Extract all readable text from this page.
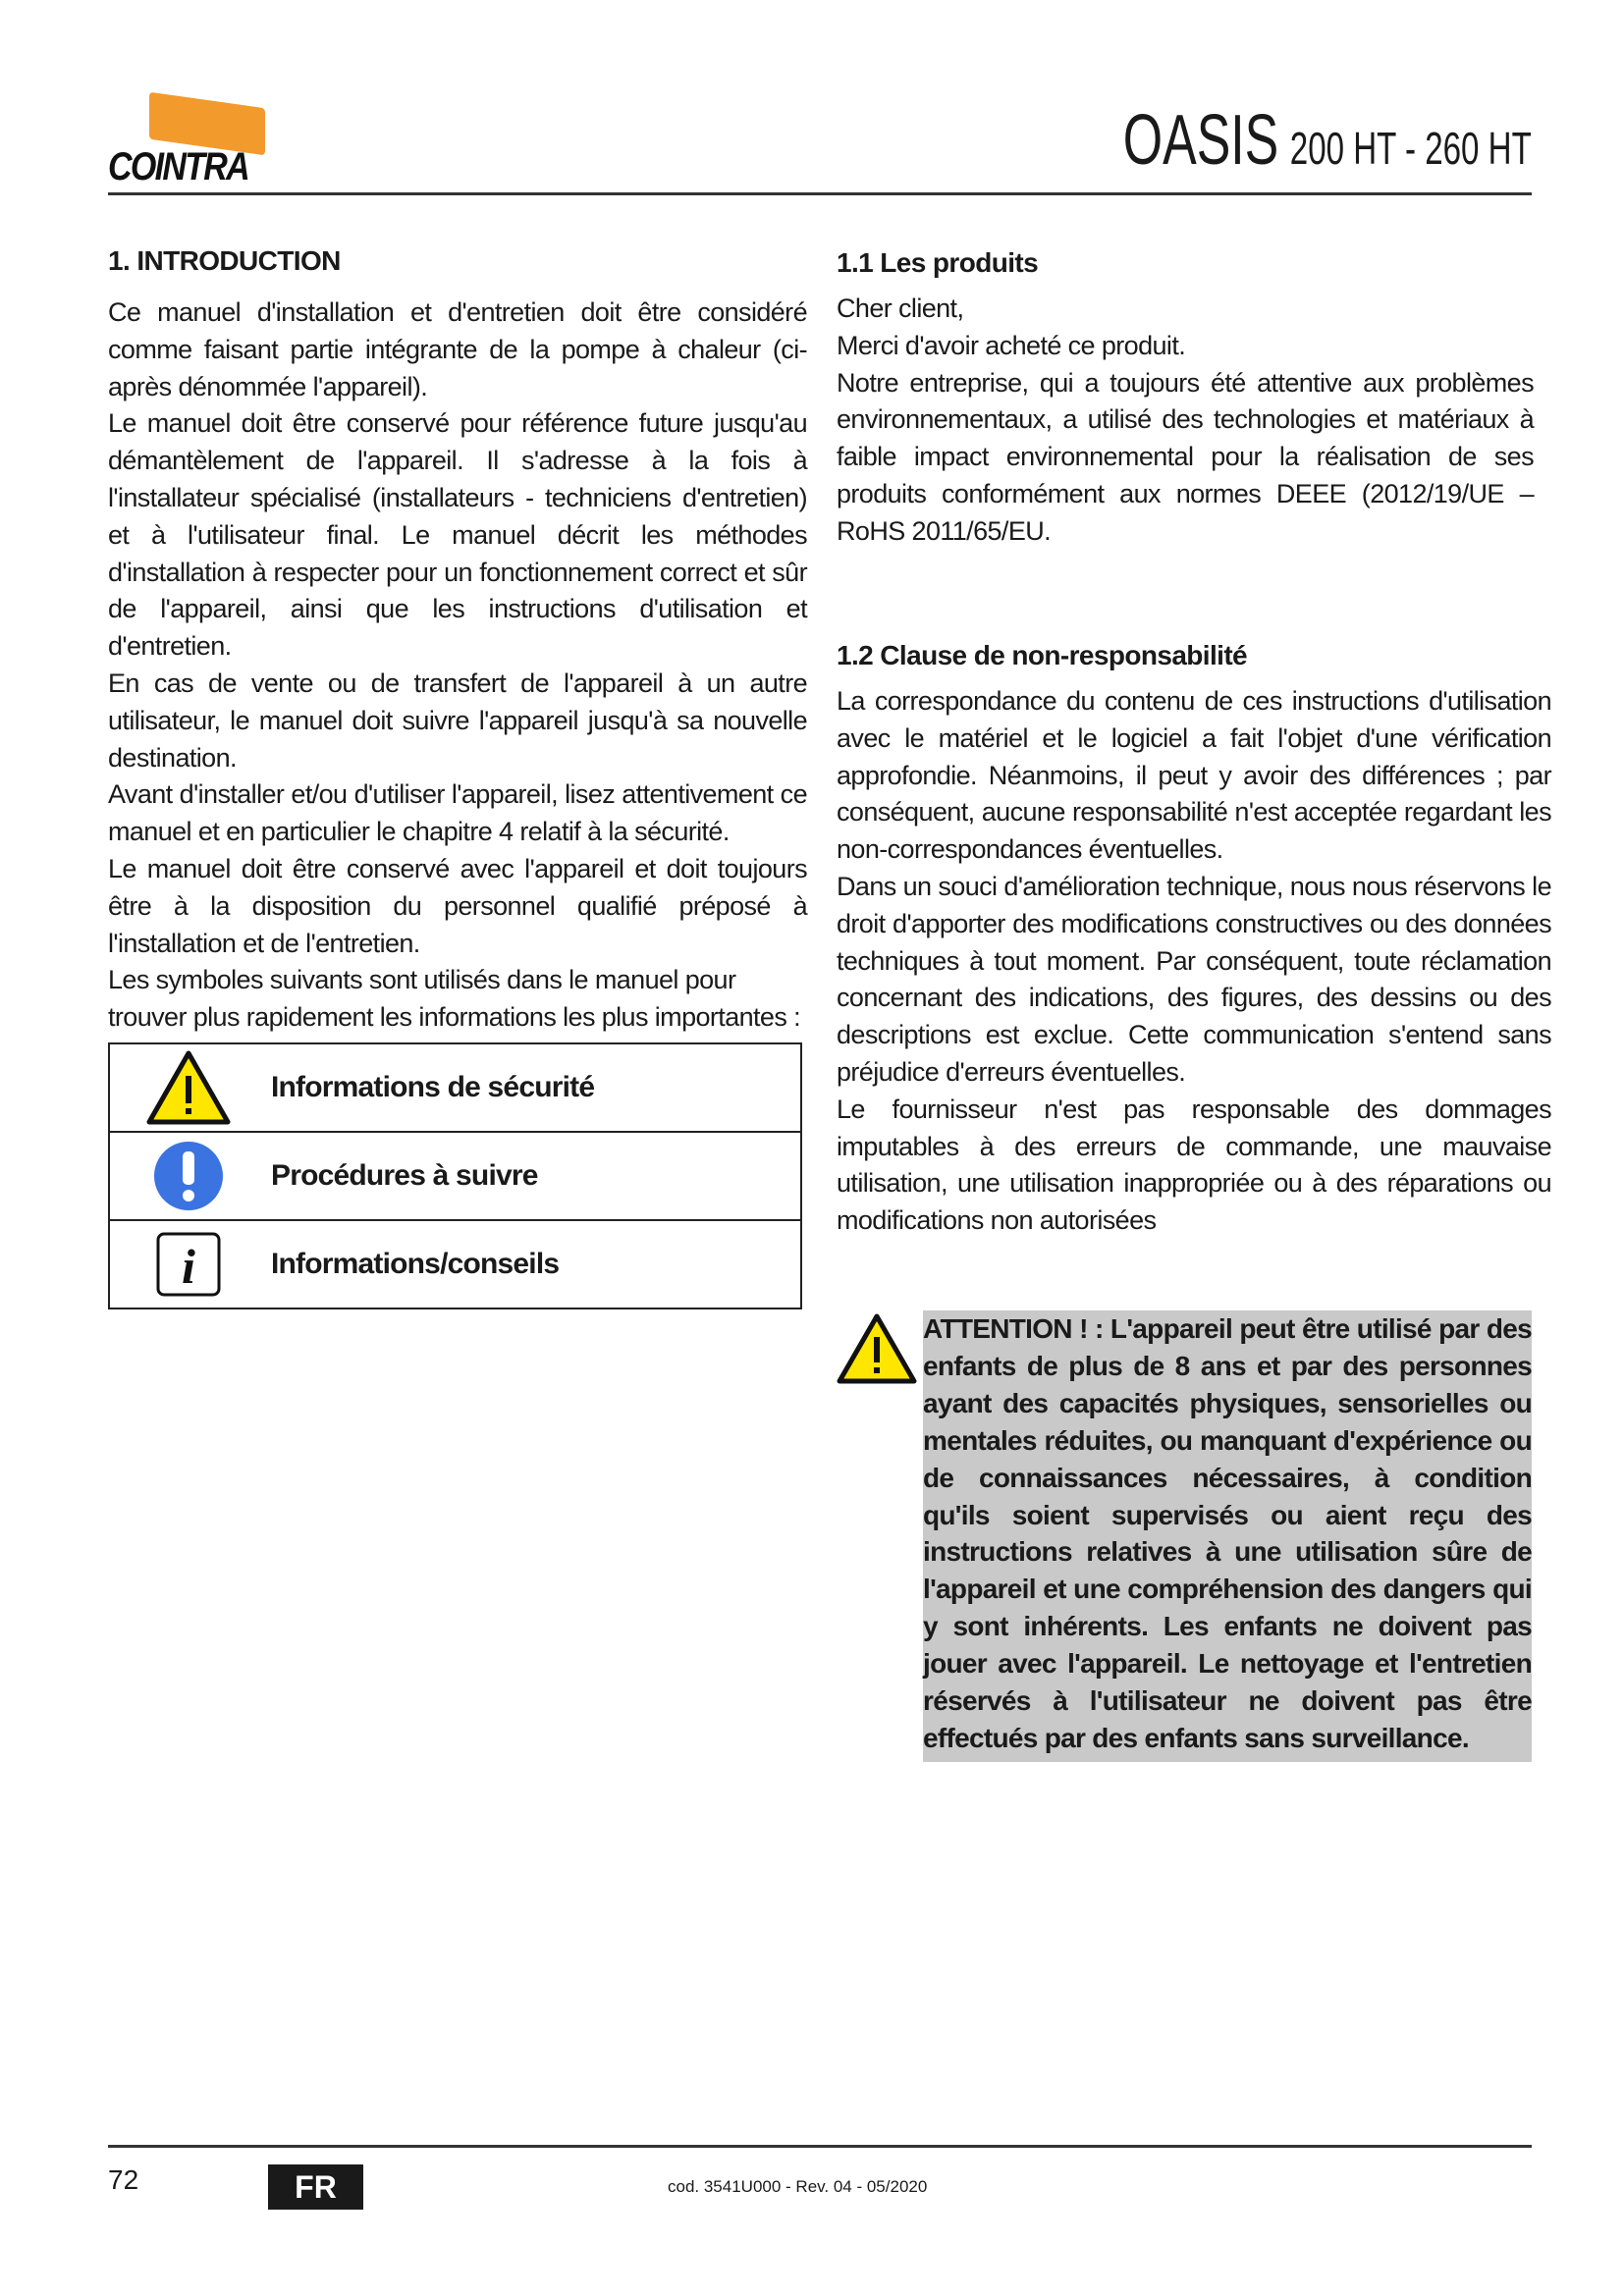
COINTRA	OASIS 200 HT - 260 HT
1. INTRODUCTION

Ce manuel d'installation et d'entretien doit être considéré comme faisant partie intégrante de la pompe à chaleur (ci-après dénommée l'appareil).

Le manuel doit être conservé pour référence future jusqu'au démantèlement de l'appareil. Il s'adresse à la fois à l'installateur spécialisé (installateurs - techniciens d'entretien) et à l'utilisateur final. Le manuel décrit les méthodes d'installation à respecter pour un fonctionnement correct et sûr de l'appareil, ainsi que les instructions d'utilisation et d'entretien.

En cas de vente ou de transfert de l'appareil à un autre utilisateur, le manuel doit suivre l'appareil jusqu'à sa nouvelle destination.

Avant d'installer et/ou d'utiliser l'appareil, lisez attentivement ce manuel et en particulier le chapitre 4 relatif à la sécurité.

Le manuel doit être conservé avec l'appareil et doit toujours être à la disposition du personnel qualifié préposé à l'installation et de l'entretien.

Les symboles suivants sont utilisés dans le manuel pour trouver plus rapidement les informations les plus importantes :

Informations de sécurité
Procédures à suivre
i	Informations/conseils
1.1 Les produits

Cher client,

Merci d'avoir acheté ce produit.

Notre entreprise, qui a toujours été attentive aux problèmes environnementaux, a utilisé des technologies et matériaux à faible impact environnemental pour la réalisation de ses produits conformément aux normes DEEE (2012/19/UE – RoHS 2011/65/EU.

1.2 Clause de non-responsabilité

La correspondance du contenu de ces instructions d'utilisation avec le matériel et le logiciel a fait l'objet d'une vérification approfondie. Néanmoins, il peut y avoir des différences ; par conséquent, aucune responsabilité n'est acceptée regardant les non-correspondances éventuelles.

Dans un souci d'amélioration technique, nous nous réservons le droit d'apporter des modifications constructives ou des données techniques à tout moment. Par conséquent, toute réclamation concernant des indications, des figures, des dessins ou des descriptions est exclue. Cette communication s'entend sans préjudice d'erreurs éventuelles.

Le fournisseur n'est pas responsable des dommages imputables à des erreurs de commande, une mauvaise utilisation, une utilisation inappropriée ou à des réparations ou modifications non autorisées

ATTENTION ! : L'appareil peut être utilisé par des enfants de plus de 8 ans et par des personnes ayant des capacités physiques, sensorielles ou mentales réduites, ou manquant d'expérience ou de connaissances nécessaires, à condition qu'ils soient supervisés ou aient reçu des instructions relatives à une utilisation sûre de l'appareil et une compréhension des dangers qui y sont inhérents. Les enfants ne doivent pas jouer avec l'appareil. Le nettoyage et l'entretien réservés à l'utilisateur ne doivent pas être effectués par des enfants sans surveillance.
72	FR	cod. 3541U000 - Rev. 04 - 05/2020
